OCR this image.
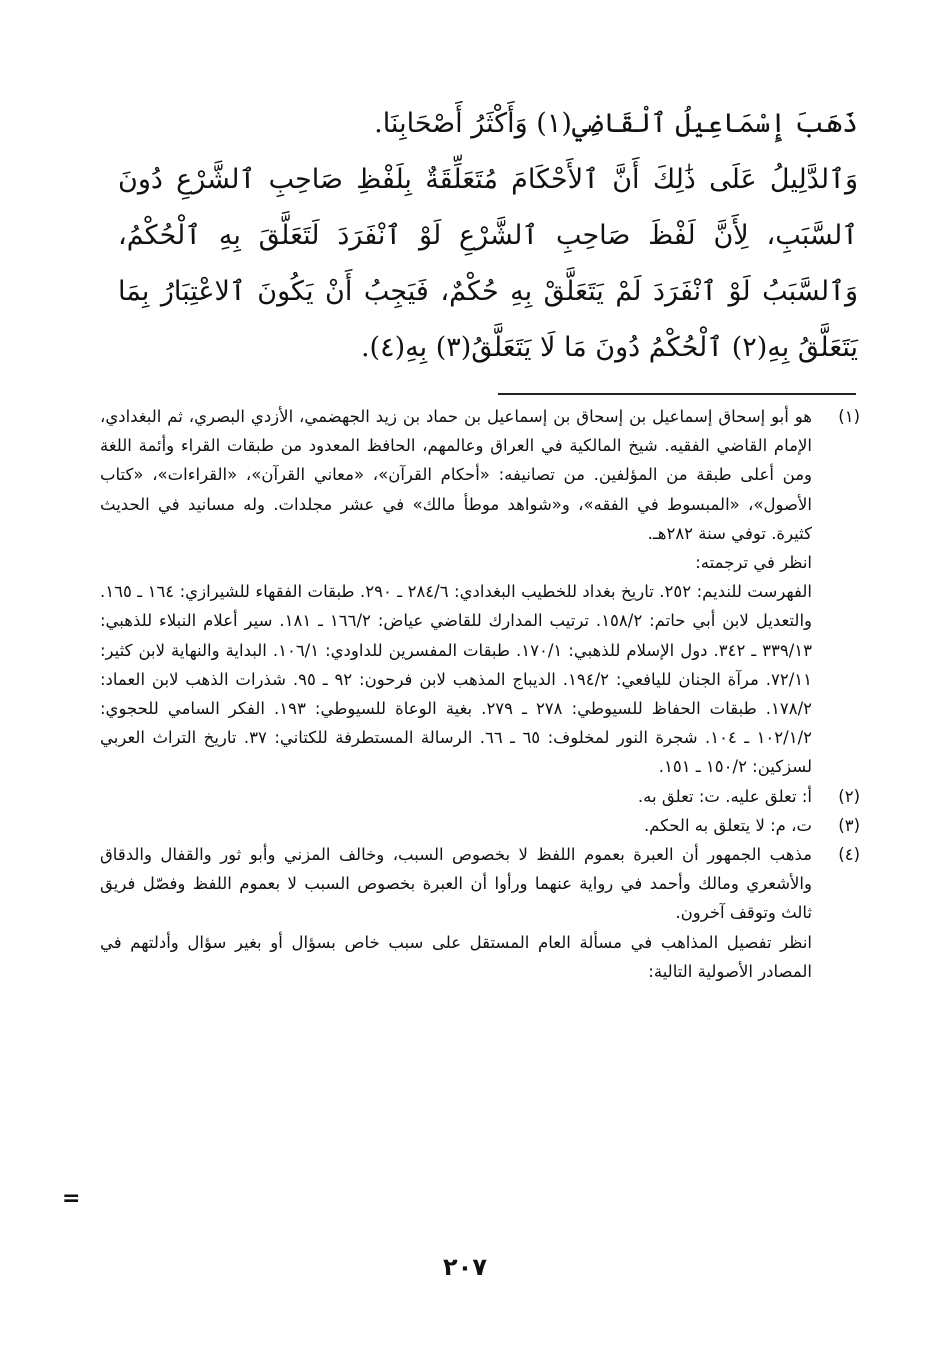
ذَهَبَ إِسْمَاعِيلُ ٱلْقَاضِي(١) وَأَكْثَرُ أَصْحَابِنَا.

وَٱلدَّلِيلُ عَلَى ذَٰلِكَ أَنَّ ٱلأَحْكَامَ مُتَعَلِّقَةٌ بِلَفْظِ صَاحِبِ ٱلشَّرْعِ دُونَ ٱلسَّبَبِ، لِأَنَّ لَفْظَ صَاحِبِ ٱلشَّرْعِ لَوْ ٱنْفَرَدَ لَتَعَلَّقَ بِهِ ٱلْحُكْمُ، وَٱلسَّبَبُ لَوْ ٱنْفَرَدَ لَمْ يَتَعَلَّقْ بِهِ حُكْمٌ، فَيَجِبُ أَنْ يَكُونَ ٱلاعْتِبَارُ بِمَا يَتَعَلَّقُ بِهِ(٢) ٱلْحُكْمُ دُونَ مَا لَا يَتَعَلَّقُ(٣) بِهِ(٤).

(١)

هو أبو إسحاق إسماعيل بن إسحاق بن إسماعيل بن حماد بن زيد الجهضمي، الأزدي البصري، ثم البغدادي، الإمام القاضي الفقيه. شيخ المالكية في العراق وعالمهم، الحافظ المعدود من طبقات القراء وأئمة اللغة ومن أعلى طبقة من المؤلفين. من تصانيفه: «أحكام القرآن»، «معاني القرآن»، «القراءات»، «كتاب الأصول»، «المبسوط في الفقه»، و«شواهد موطأ مالك» في عشر مجلدات. وله مسانيد في الحديث كثيرة. توفي سنة ٢٨٢هـ.

انظر في ترجمته:

الفهرست للنديم: ٢٥٢. تاريخ بغداد للخطيب البغدادي: ٢٨٤/٦ ـ ٢٩٠. طبقات الفقهاء للشيرازي: ١٦٤ ـ ١٦٥. والتعديل لابن أبي حاتم: ١٥٨/٢. ترتيب المدارك للقاضي عياض: ١٦٦/٢ ـ ١٨١. سير أعلام النبلاء للذهبي: ٣٣٩/١٣ ـ ٣٤٢. دول الإسلام للذهبي: ١٧٠/١. طبقات المفسرين للداودي: ١٠٦/١. البداية والنهاية لابن كثير: ٧٢/١١. مرآة الجنان لليافعي: ١٩٤/٢. الديباج المذهب لابن فرحون: ٩٢ ـ ٩٥. شذرات الذهب لابن العماد: ١٧٨/٢. طبقات الحفاظ للسيوطي: ٢٧٨ ـ ٢٧٩. بغية الوعاة للسيوطي: ١٩٣. الفكر السامي للحجوي: ١٠٢/١/٢ ـ ١٠٤. شجرة النور لمخلوف: ٦٥ ـ ٦٦. الرسالة المستطرفة للكتاني: ٣٧. تاريخ التراث العربي لسزكين: ١٥٠/٢ ـ ١٥١.

(٢)

أ: تعلق عليه. ت: تعلق به.

(٣)

ت، م: لا يتعلق به الحكم.

(٤)

مذهب الجمهور أن العبرة بعموم اللفظ لا بخصوص السبب، وخالف المزني وأبو ثور والقفال والدقاق والأشعري ومالك وأحمد في رواية عنهما ورأوا أن العبرة بخصوص السبب لا بعموم اللفظ وفصّل فريق ثالث وتوقف آخرون.

انظر تفصيل المذاهب في مسألة العام المستقل على سبب خاص بسؤال أو بغير سؤال وأدلتهم في المصادر الأصولية التالية:

=
٢٠٧
